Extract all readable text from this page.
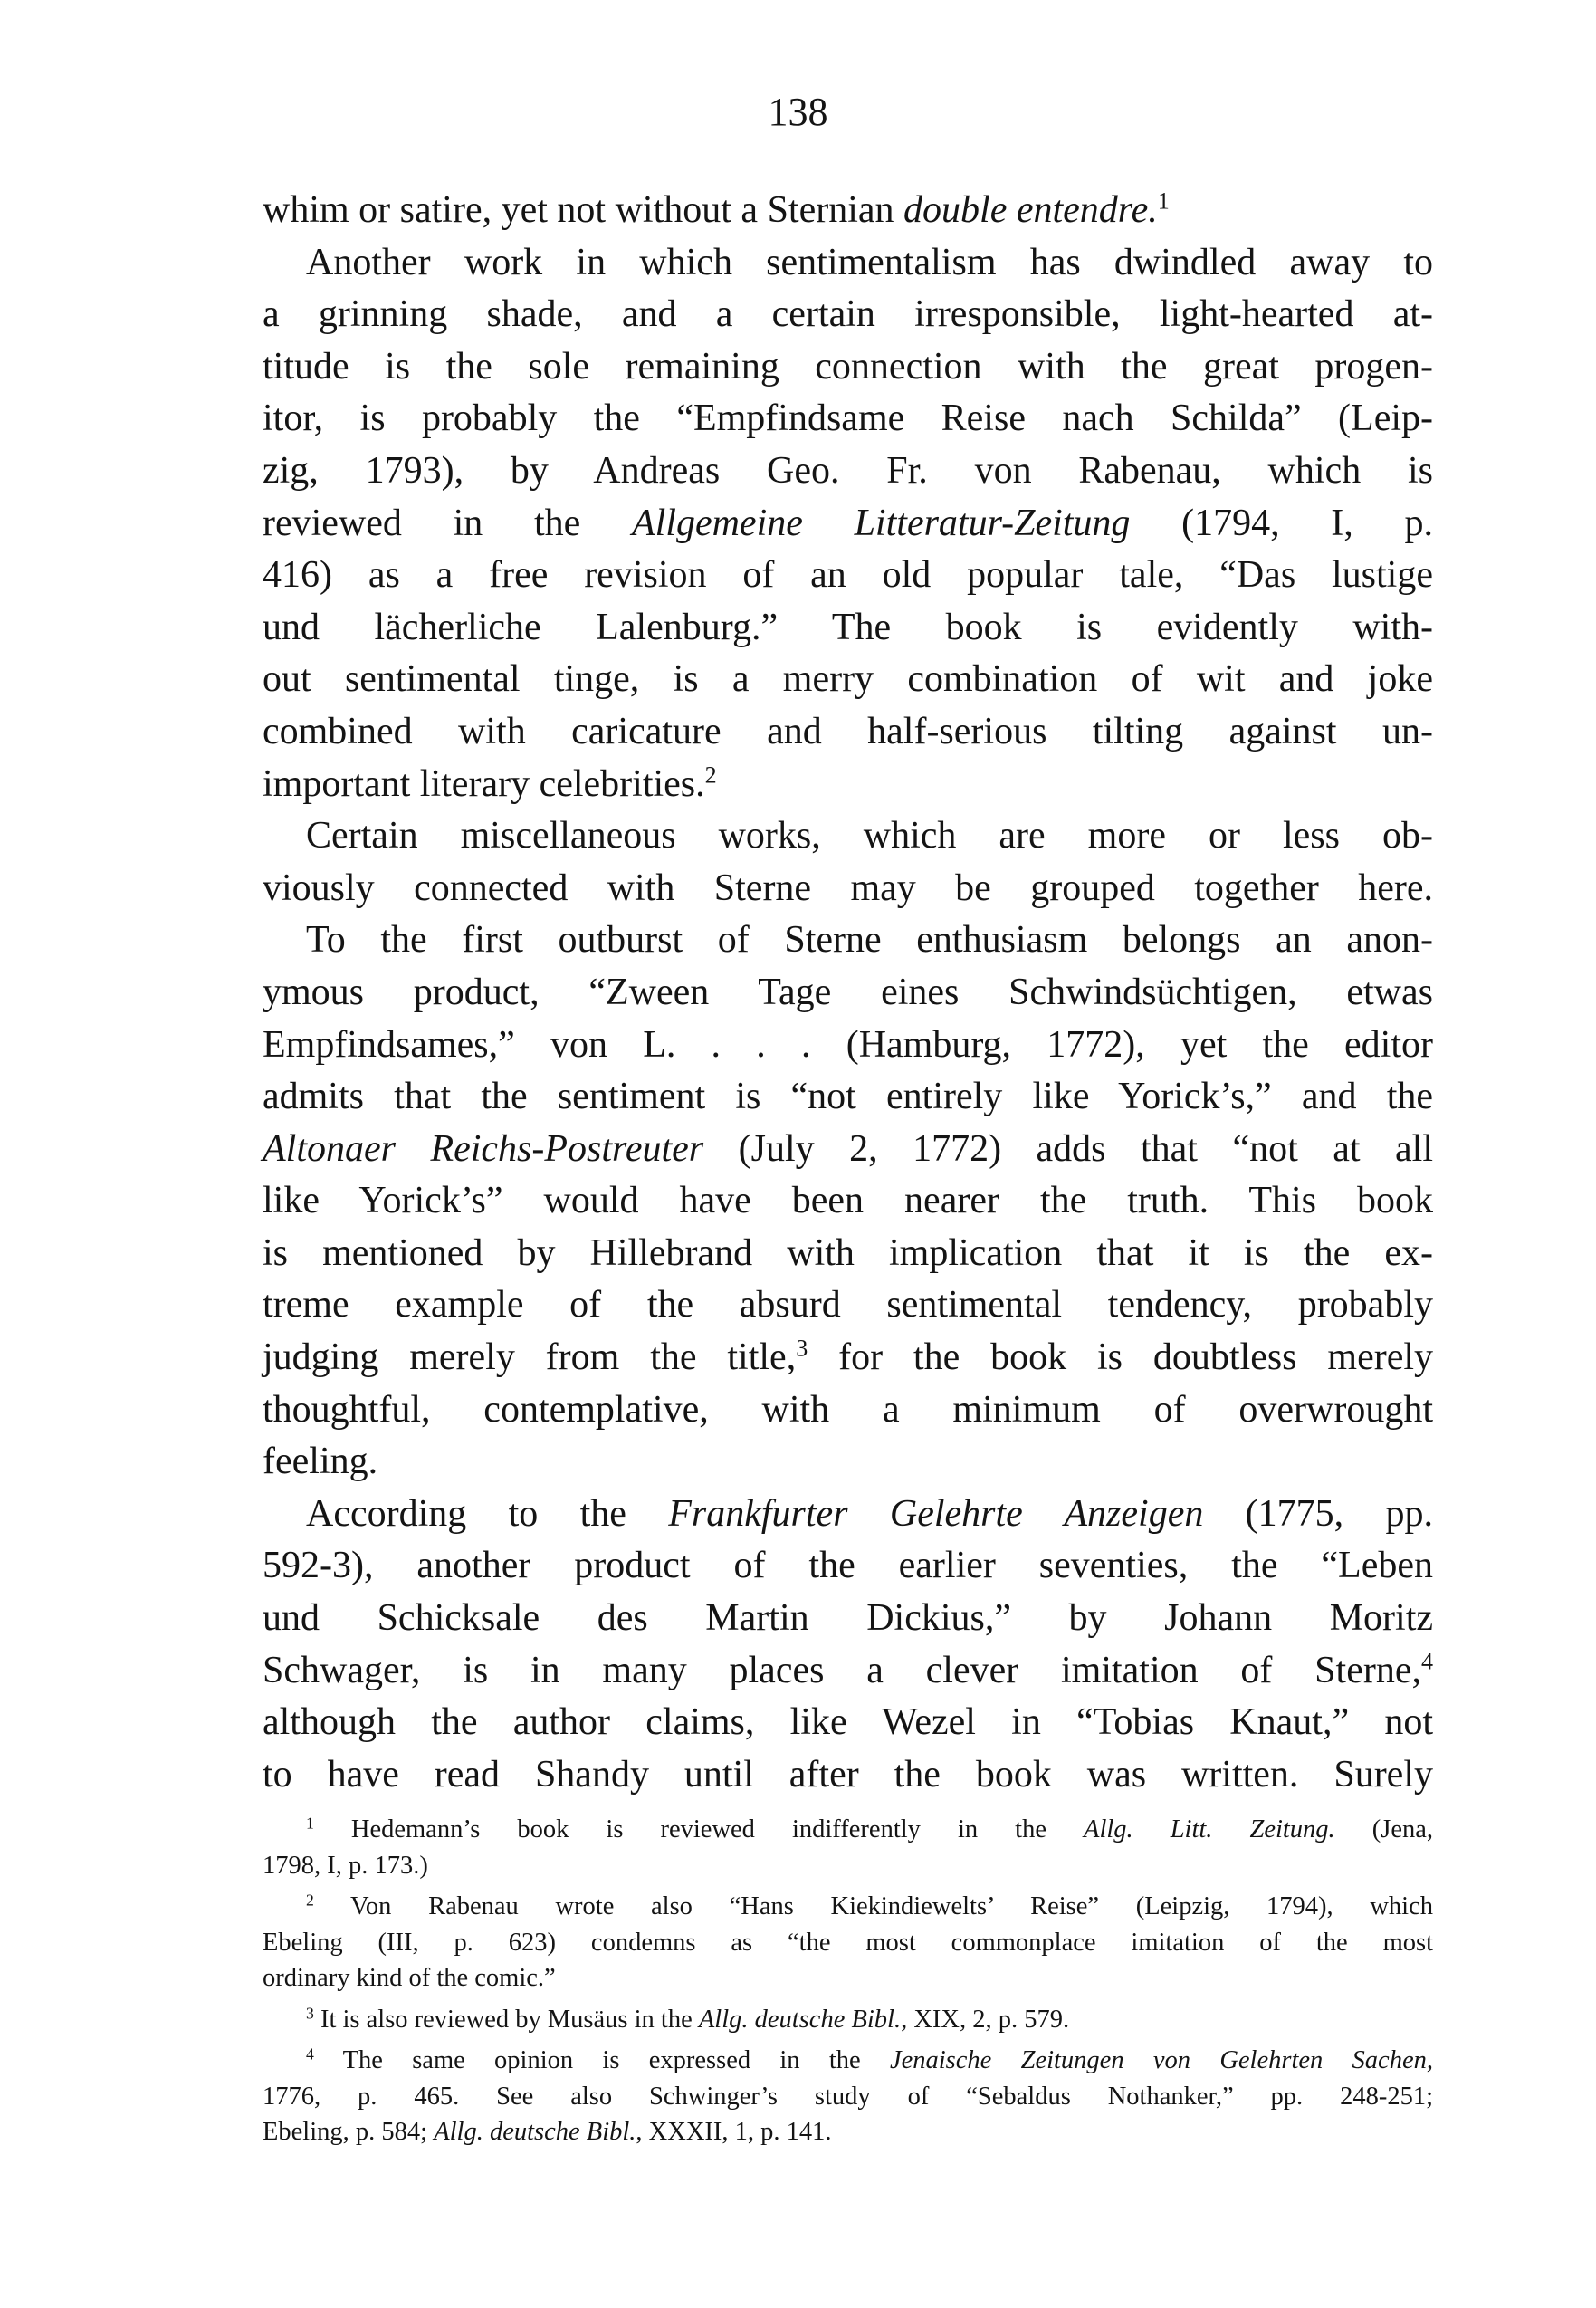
138
whim or satire, yet not without a Sternian double entendre.$^1$
Another work in which sentimentalism has dwindled away to
a grinning shade, and a certain irresponsible, light-hearted at-
titude is the sole remaining connection with the great progen-
itor, is probably the “Empfindsame Reise nach Schilda” (Leip-
zig, 1793), by Andreas Geo. Fr. von Rabenau, which is
reviewed in the Allgemeine Litteratur-Zeitung (1794, I, p.
416) as a free revision of an old popular tale, “Das lustige
und lächerliche Lalenburg.” The book is evidently with-
out sentimental tinge, is a merry combination of wit and joke
combined with caricature and half-serious tilting against un-
important literary celebrities.$^2$
Certain miscellaneous works, which are more or less ob-
viously connected with Sterne may be grouped together here.
To the first outburst of Sterne enthusiasm belongs an anon-
ymous product, “Zween Tage eines Schwindsüchtigen, etwas
Empfindsames,” von L. . . . (Hamburg, 1772), yet the editor
admits that the sentiment is “not entirely like Yorick’s,” and the
Altonaer Reichs-Postreuter (July 2, 1772) adds that “not at all
like Yorick’s” would have been nearer the truth. This book
is mentioned by Hillebrand with implication that it is the ex-
treme example of the absurd sentimental tendency, probably
judging merely from the title,$^3$ for the book is doubtless merely
thoughtful, contemplative, with a minimum of overwrought
feeling.
According to the Frankfurter Gelehrte Anzeigen (1775, pp.
592-3), another product of the earlier seventies, the “Leben
und Schicksale des Martin Dickius,” by Johann Moritz
Schwager, is in many places a clever imitation of Sterne,$^4$
although the author claims, like Wezel in “Tobias Knaut,” not
to have read Shandy until after the book was written. Surely
$^1$ Hedemann’s book is reviewed indifferently in the Allg. Litt. Zeitung. (Jena,
1798, I, p. 173.)
$^2$ Von Rabenau wrote also “Hans Kiekindiewelts’ Reise” (Leipzig, 1794), which
Ebeling (III, p. 623) condemns as “the most commonplace imitation of the most
ordinary kind of the comic.”
$^3$ It is also reviewed by Musäus in the Allg. deutsche Bibl., XIX, 2, p. 579.
$^4$ The same opinion is expressed in the Jenaische Zeitungen von Gelehrten Sachen,
1776, p. 465. See also Schwinger’s study of “Sebaldus Nothanker,” pp. 248-251;
Ebeling, p. 584; Allg. deutsche Bibl., XXXII, 1, p. 141.
